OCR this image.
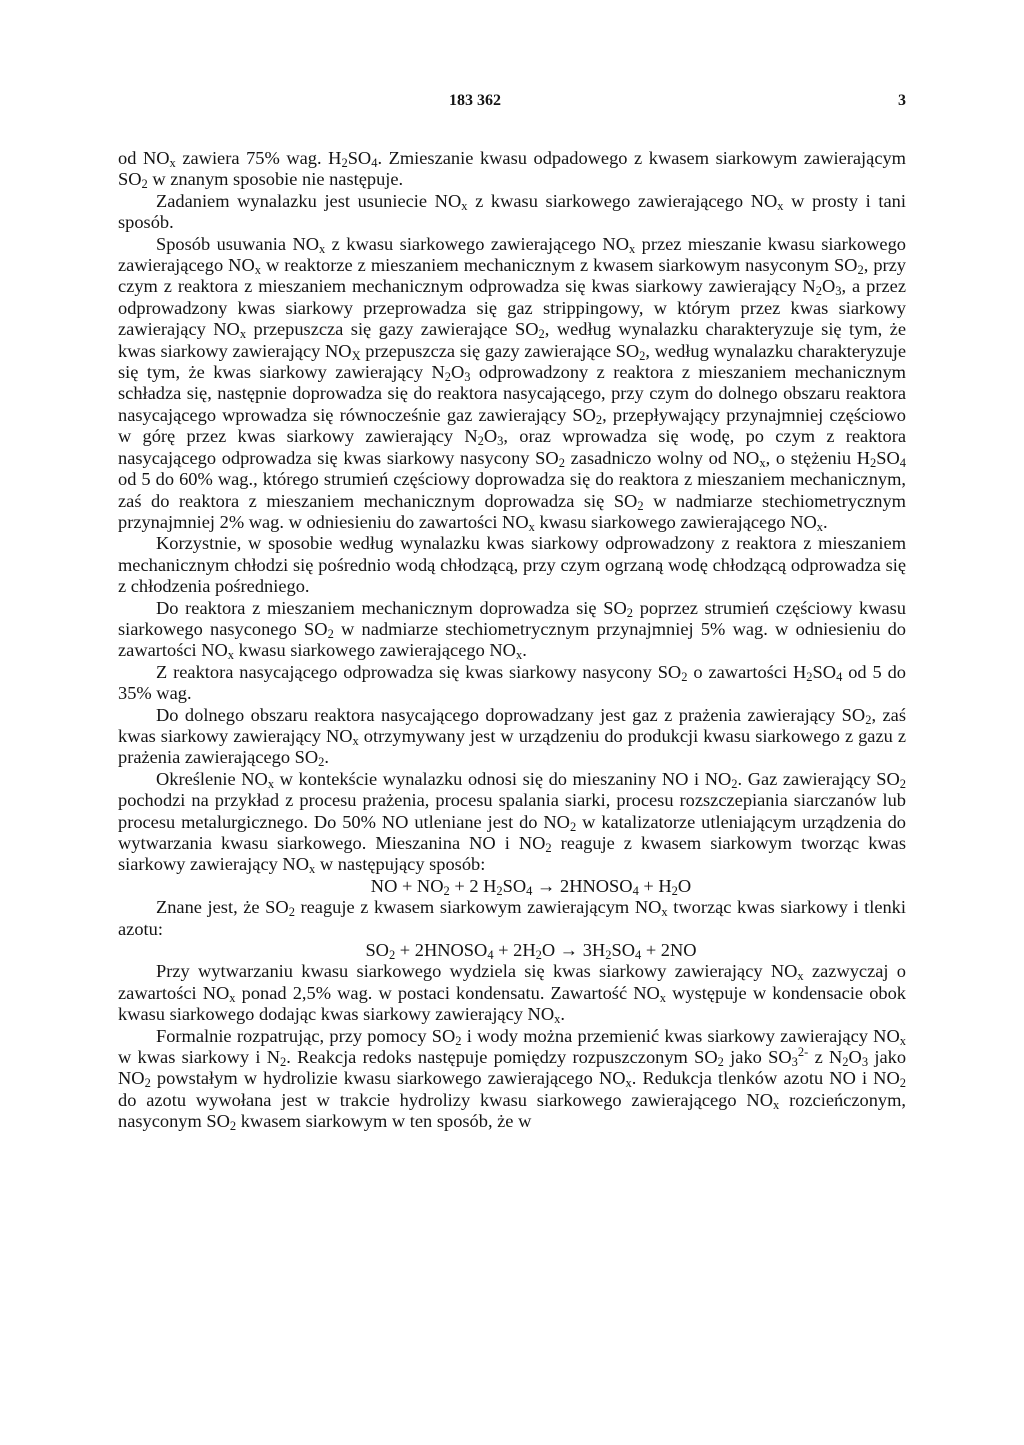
183 362	3

od $NO_x$ zawiera 75% wag. $H_2SO_4$. Zmieszanie kwasu odpadowego z kwasem siarkowym zawierającym $SO_2$ w znanym sposobie nie następuje.

Zadaniem wynalazku jest usuniecie $NO_x$ z kwasu siarkowego zawierającego $NO_x$ w prosty i tani sposób.

Sposób usuwania $NO_x$ z kwasu siarkowego zawierającego $NO_x$ przez mieszanie kwasu siarkowego zawierającego $NO_x$ w reaktorze z mieszaniem mechanicznym z kwasem siarkowym nasyconym $SO_2$, przy czym z reaktora z mieszaniem mechanicznym odprowadza się kwas siarkowy zawierający $N_2O_3$, a przez odprowadzony kwas siarkowy przeprowadza się gaz strippingowy, w którym przez kwas siarkowy zawierający $NO_x$ przepuszcza się gazy zawierające $SO_2$, według wynalazku charakteryzuje się tym, że kwas siarkowy zawierający $NO_X$ przepuszcza się gazy zawierające $SO_2$, według wynalazku charakteryzuje się tym, że kwas siarkowy zawierający $N_2O_3$ odprowadzony z reaktora z mieszaniem mechanicznym schładza się, następnie doprowadza się do reaktora nasycającego, przy czym do dolnego obszaru reaktora nasycającego wprowadza się równocześnie gaz zawierający $SO_2$, przepływający przynajmniej częściowo w górę przez kwas siarkowy zawierający $N_2O_3$, oraz wprowadza się wodę, po czym z reaktora nasycającego odprowadza się kwas siarkowy nasycony $SO_2$ zasadniczo wolny od $NO_x$, o stężeniu $H_2SO_4$ od 5 do 60% wag., którego strumień częściowy doprowadza się do reaktora z mieszaniem mechanicznym, zaś do reaktora z mieszaniem mechanicznym doprowadza się $SO_2$ w nadmiarze stechiometrycznym przynajmniej 2% wag. w odniesieniu do zawartości $NO_x$ kwasu siarkowego zawierającego $NO_x$.

Korzystnie, w sposobie według wynalazku kwas siarkowy odprowadzony z reaktora z mieszaniem mechanicznym chłodzi się pośrednio wodą chłodzącą, przy czym ogrzaną wodę chłodzącą odprowadza się z chłodzenia pośredniego.

Do reaktora z mieszaniem mechanicznym doprowadza się $SO_2$ poprzez strumień częściowy kwasu siarkowego nasyconego $SO_2$ w nadmiarze stechiometrycznym przynajmniej 5% wag. w odniesieniu do zawartości $NO_x$ kwasu siarkowego zawierającego $NO_x$.

Z reaktora nasycającego odprowadza się kwas siarkowy nasycony $SO_2$ o zawartości $H_2SO_4$ od 5 do 35% wag.

Do dolnego obszaru reaktora nasycającego doprowadzany jest gaz z prażenia zawierający $SO_2$, zaś kwas siarkowy zawierający $NO_x$ otrzymywany jest w urządzeniu do produkcji kwasu siarkowego z gazu z prażenia zawierającego $SO_2$.

Określenie $NO_x$ w kontekście wynalazku odnosi się do mieszaniny NO i $NO_2$. Gaz zawierający $SO_2$ pochodzi na przykład z procesu prażenia, procesu spalania siarki, procesu rozszczepiania siarczanów lub procesu metalurgicznego. Do 50% NO utleniane jest do $NO_2$ w katalizatorze utleniającym urządzenia do wytwarzania kwasu siarkowego. Mieszanina NO i $NO_2$ reaguje z kwasem siarkowym tworząc kwas siarkowy zawierający $NO_x$ w następujący sposób:

NO + $NO_2 + 2$ $H_2SO_4$ → $2HNOSO_4 + H_2O$

Znane jest, że $SO_2$ reaguje z kwasem siarkowym zawierającym $NO_x$ tworząc kwas siarkowy i tlenki azotu:

$SO_2$ + $2HNOSO_4 + 2H_2O \to 3H_2SO_4 + 2NO$

Przy wytwarzaniu kwasu siarkowego wydziela się kwas siarkowy zawierający $NO_x$ zazwyczaj o zawartości $NO_x$ ponad 2,5% wag. w postaci kondensatu. Zawartość $NO_x$ występuje w kondensacie obok kwasu siarkowego dodając kwas siarkowy zawierający $NO_x$.

Formalnie rozpatrując, przy pomocy $SO_2$ i wody można przemienić kwas siarkowy zawierający $NO_x$ w kwas siarkowy i $N_2$. Reakcja redoks następuje pomiędzy rozpuszczonym $SO_2$ jako $SO_3^{2-}$ z $N_2O_3$ jako $NO_2$ powstałym w hydrolizie kwasu siarkowego zawierającego $NO_x$. Redukcja tlenków azotu NO i $NO_2$ do azotu wywołana jest w trakcie hydrolizy kwasu siarkowego zawierającego $NO_x$ rozcieńczonym, nasyconym $SO_2$ kwasem siarkowym w ten sposób, że w
